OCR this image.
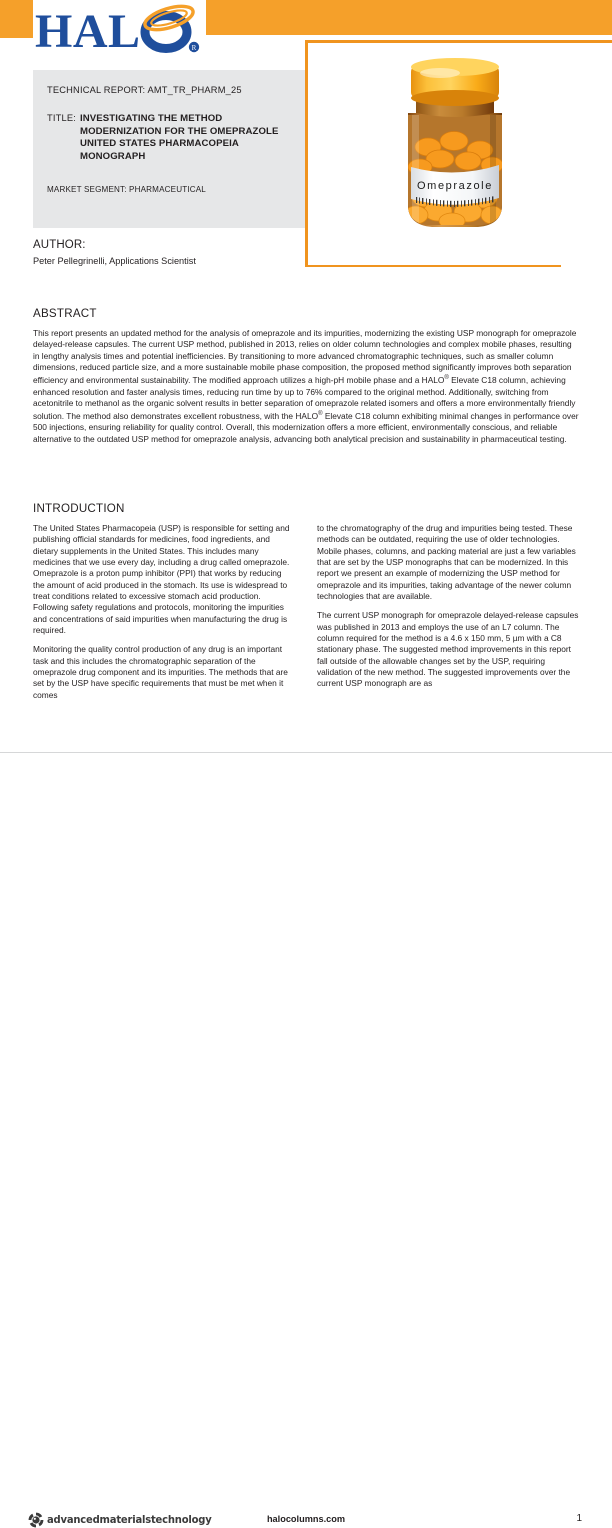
HAL	R
TECHNICAL REPORT: AMT_TR_PHARM_25
TITLE: INVESTIGATING THE METHOD MODERNIZATION FOR THE OMEPRAZOLE UNITED STATES PHARMACOPEIA MONOGRAPH
MARKET SEGMENT: PHARMACEUTICAL

AUTHOR:

Peter Pellegrinelli, Applications Scientist

Omeprazole
ABSTRACT

This report presents an updated method for the analysis of omeprazole and its impurities, modernizing the existing USP monograph for omeprazole delayed-release capsules. The current USP method, published in 2013, relies on older column technologies and complex mobile phases, resulting in lengthy analysis times and potential inefficiencies. By transitioning to more advanced chromatographic techniques, such as smaller column dimensions, reduced particle size, and a more sustainable mobile phase composition, the proposed method significantly improves both separation efficiency and environmental sustainability. The modified approach utilizes a high-pH mobile phase and a HALO® Elevate C18 column, achieving enhanced resolution and faster analysis times, reducing run time by up to 76% compared to the original method. Additionally, switching from acetonitrile to methanol as the organic solvent results in better separation of omeprazole related isomers and offers a more environmentally friendly solution. The method also demonstrates excellent robustness, with the HALO® Elevate C18 column exhibiting minimal changes in performance over 500 injections, ensuring reliability for quality control. Overall, this modernization offers a more efficient, environmentally conscious, and reliable alternative to the outdated USP method for omeprazole analysis, advancing both analytical precision and sustainability in pharmaceutical testing.

INTRODUCTION

The United States Pharmacopeia (USP) is responsible for setting and publishing official standards for medicines, food ingredients, and dietary supplements in the United States. This includes many medicines that we use every day, including a drug called omeprazole. Omeprazole is a proton pump inhibitor (PPI) that works by reducing the amount of acid produced in the stomach. Its use is widespread to treat conditions related to excessive stomach acid production. Following safety regulations and protocols, monitoring the impurities and concentrations of said impurities when manufacturing the drug is required.

Monitoring the quality control production of any drug is an important task and this includes the chromatographic separation of the omeprazole drug component and its impurities. The methods that are set by the USP have specific requirements that must be met when it comes

to the chromatography of the drug and impurities being tested. These methods can be outdated, requiring the use of older technologies. Mobile phases, columns, and packing material are just a few variables that are set by the USP monographs that can be modernized. In this report we present an example of modernizing the USP method for omeprazole and its impurities, taking advantage of the newer column technologies that are available.

The current USP monograph for omeprazole delayed-release capsules was published in 2013 and employs the use of an L7 column. The column required for the method is a 4.6 x 150 mm, 5 µm with a C8 stationary phase. The suggested method improvements in this report fall outside of the allowable changes set by the USP, requiring validation of the new method. The suggested improvements over the current USP monograph are as

advancedmaterialstechnology	halocolumns.com	1
